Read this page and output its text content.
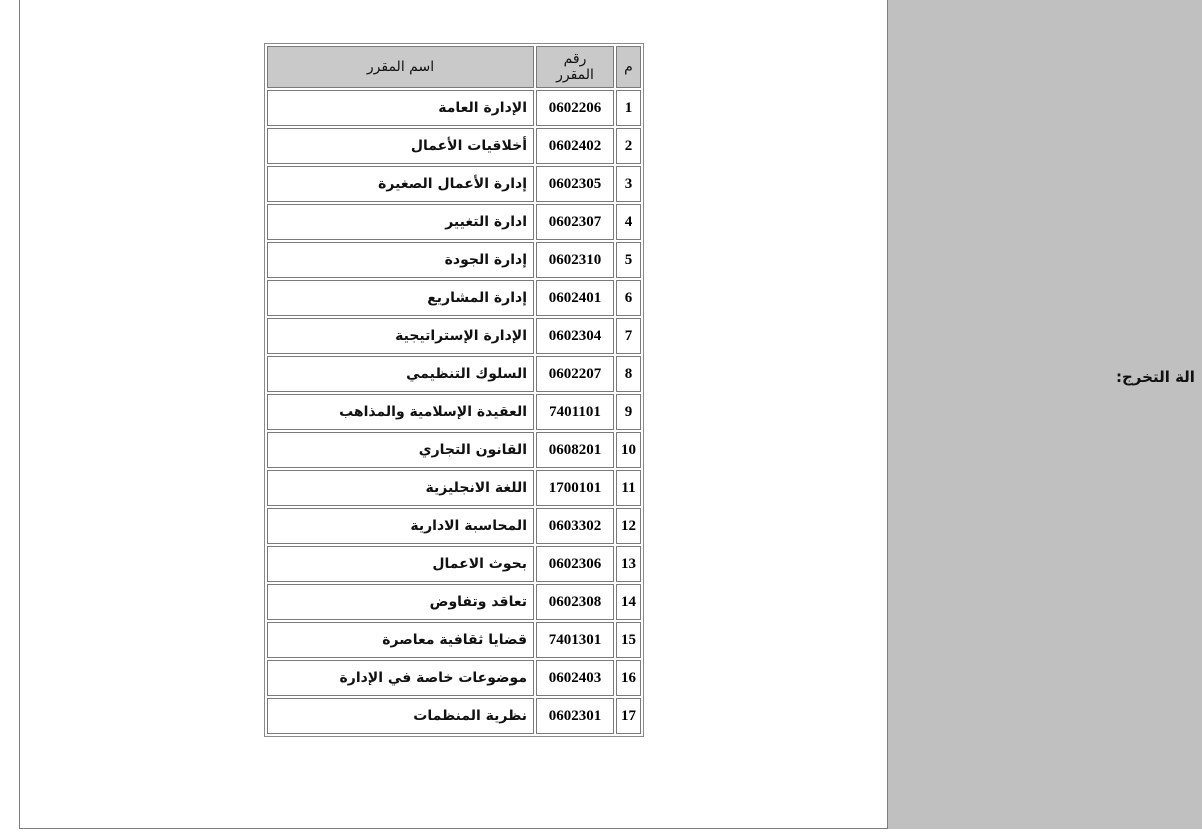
م	رقم المقرر	اسم المقرر
1	0602206	الإدارة العامة
2	0602402	أخلاقيات الأعمال
3	0602305	إدارة الأعمال الصغيرة
4	0602307	ادارة التغيير
5	0602310	إدارة الجودة
6	0602401	إدارة المشاريع
7	0602304	الإدارة الإستراتيجية
8	0602207	السلوك التنظيمي
9	7401101	العقيدة الإسلامية والمذاهب
10	0608201	القانون التجاري
11	1700101	اللغة الانجليزية
12	0603302	المحاسبة الادارية
13	0602306	بحوث الاعمال
14	0602308	تعاقد وتفاوض
15	7401301	قضايا ثقافية معاصرة
16	0602403	موضوعات خاصة في الإدارة
17	0602301	نظرية المنظمات
الة التخرج:
